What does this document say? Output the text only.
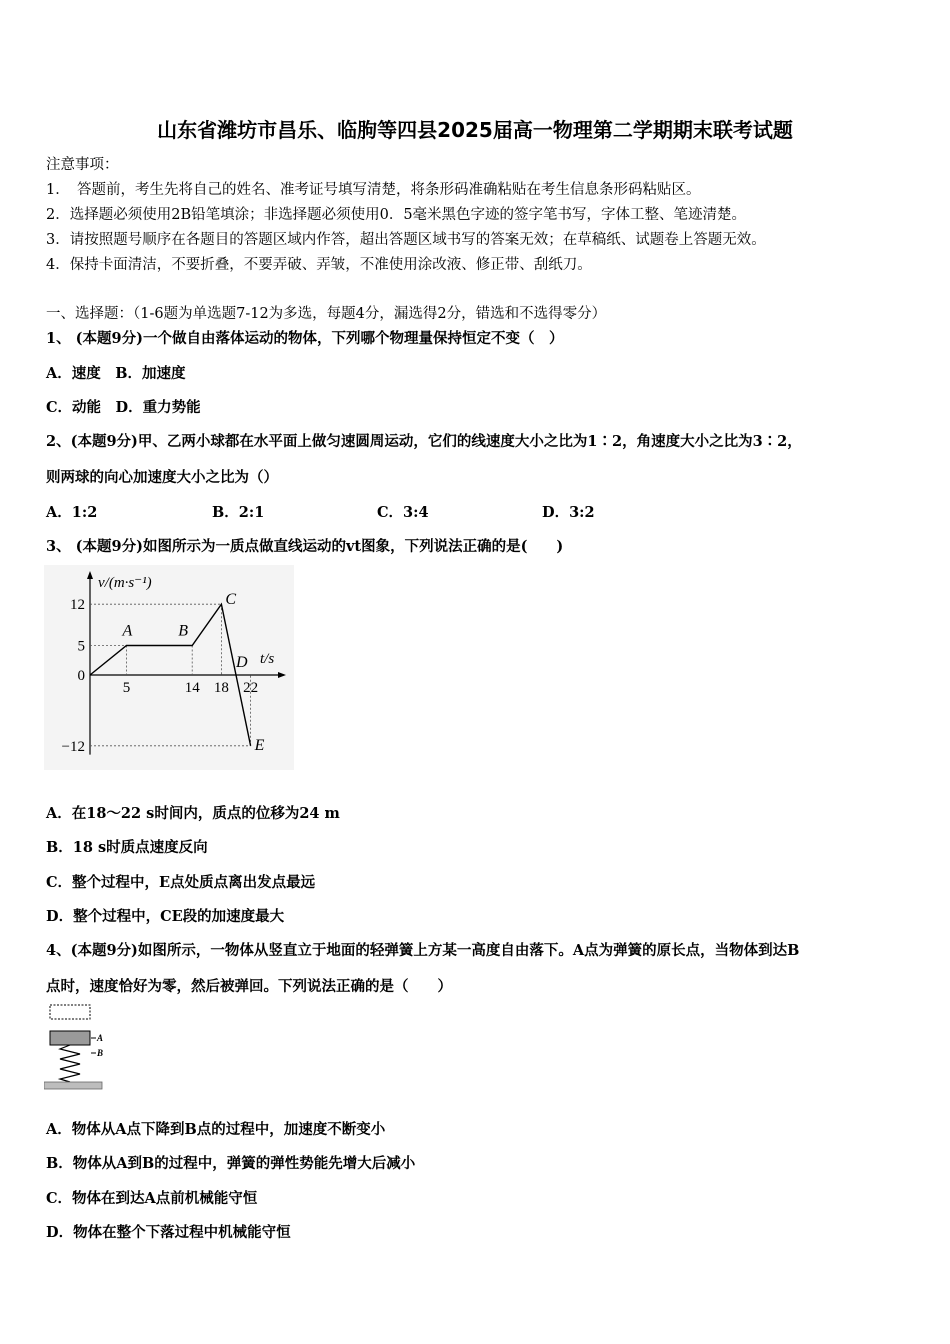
山东省潍坊市昌乐、临朐等四县2025届高一物理第二学期期末联考试题
注意事项：
1．　答题前，考生先将自己的姓名、准考证号填写清楚，将条形码准确粘贴在考生信息条形码粘贴区。
2．选择题必须使用2B铅笔填涂；非选择题必须使用0．5毫米黑色字迹的签字笔书写，字体工整、笔迹清楚。
3．请按照题号顺序在各题目的答题区域内作答，超出答题区域书写的答案无效；在草稿纸、试题卷上答题无效。
4．保持卡面清洁，不要折叠，不要弄破、弄皱，不准使用涂改液、修正带、刮纸刀。
一、选择题：（1-6题为单选题7-12为多选，每题4分，漏选得2分，错选和不选得零分）
1、 (本题9分)一个做自由落体运动的物体，下列哪个物理量保持恒定不变（　）
A．速度　B．加速度
C．动能　D．重力势能
2、(本题9分)甲、乙两小球都在水平面上做匀速圆周运动，它们的线速度大小之比为1∶2，角速度大小之比为3∶2，
则两球的向心加速度大小之比为（）
A．1:2	B．2:1	C．3:4	D．3:2
3、 (本题9分)如图所示为一质点做直线运动的vt图象，下列说法正确的是(　　)
12
5
0
−12
5	14 18 22
A	B
C
D
E
v/(m·s⁻¹)
t/s
A．在18～22 s时间内，质点的位移为24 m
B．18 s时质点速度反向
C．整个过程中，E点处质点离出发点最远
D．整个过程中，CE段的加速度最大
4、(本题9分)如图所示，一物体从竖直立于地面的轻弹簧上方某一高度自由落下。A点为弹簧的原长点，当物体到达B
点时，速度恰好为零，然后被弹回。下列说法正确的是（　　）
A
B
A．物体从A点下降到B点的过程中，加速度不断变小
B．物体从A到B的过程中，弹簧的弹性势能先增大后减小
C．物体在到达A点前机械能守恒
D．物体在整个下落过程中机械能守恒
